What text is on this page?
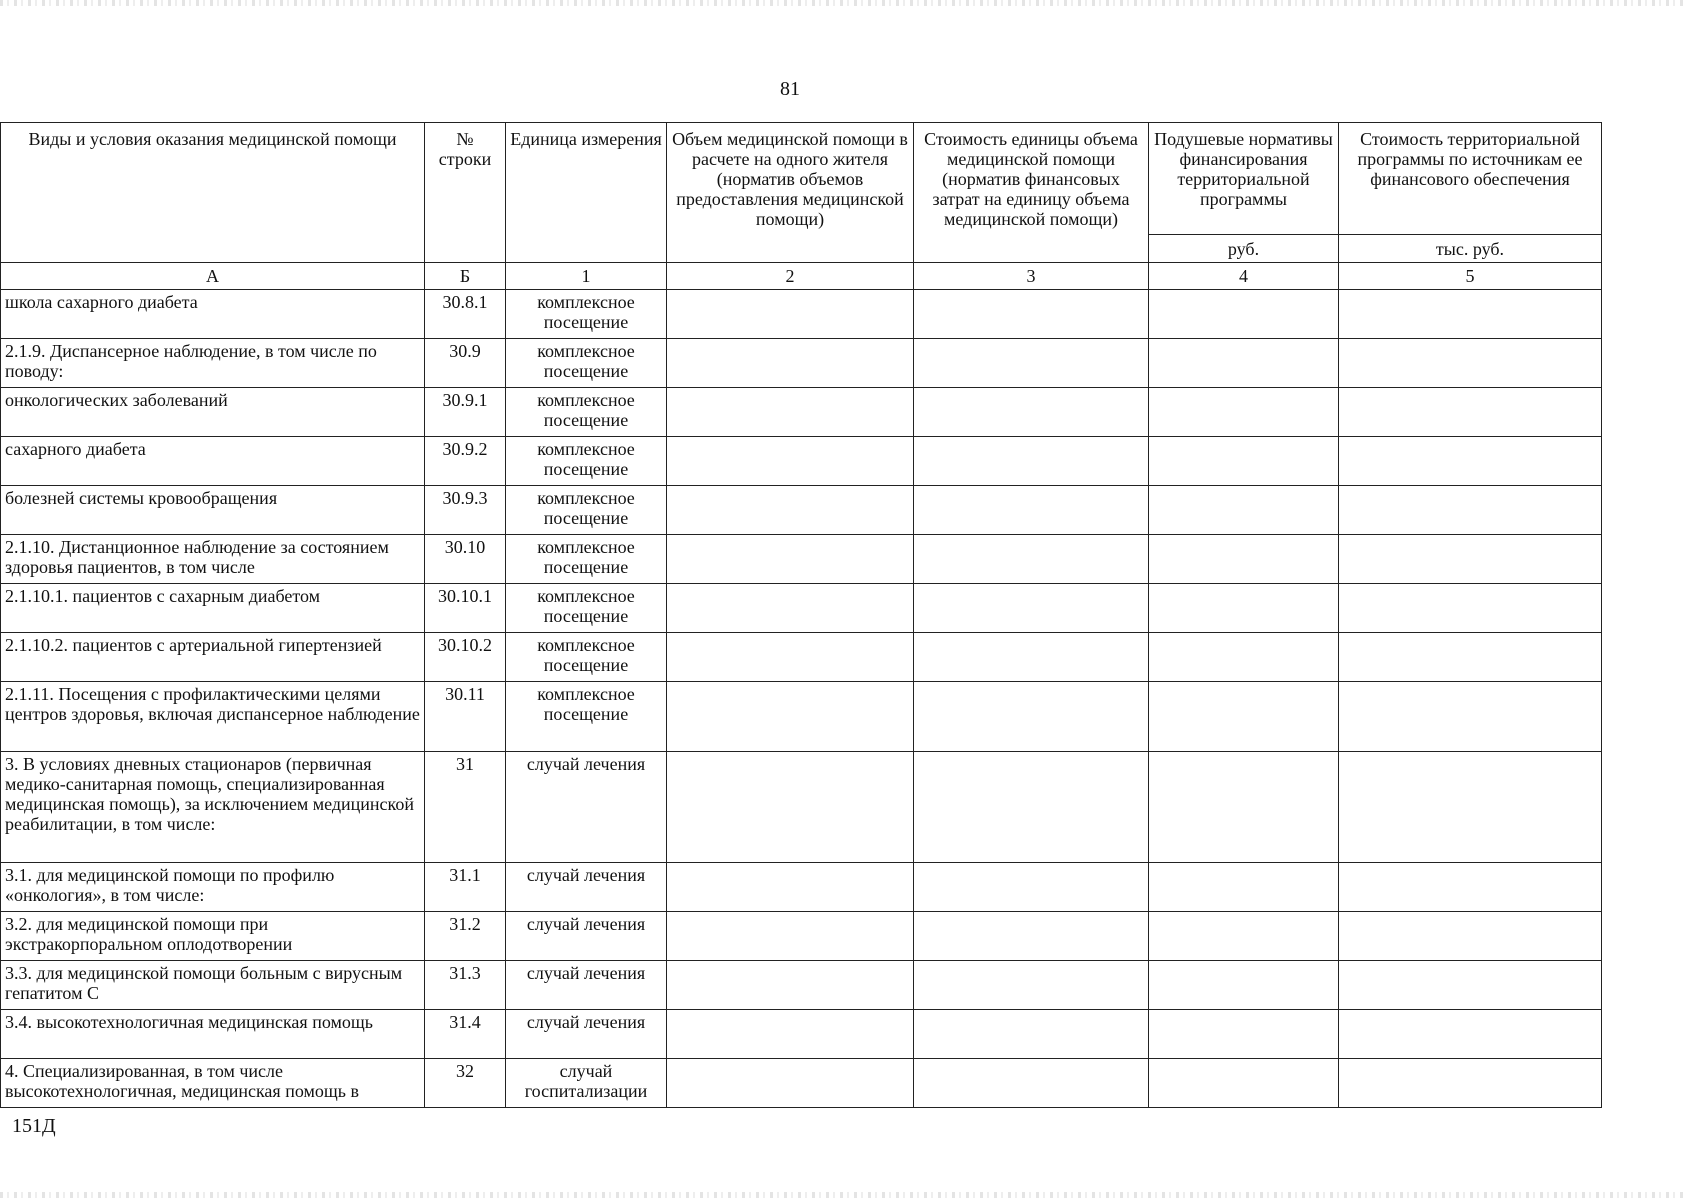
81
Виды и условия оказания медицинской помощи	№ строки	Единица измерения	Объем медицинской помощи в расчете на одного жителя (норматив объемов предоставления медицинской помощи)	Стоимость единицы объема медицинской помощи (норматив финансовых затрат на единицу объема медицинской помощи)	Подушевые нормативы финансирования территориальной программы	Стоимость территориальной программы по источникам ее финансового обеспечения
					руб.	тыс. руб.
А	Б	1	2	3	4	5
школа сахарного диабета	30.8.1	комплексное посещение				
2.1.9. Диспансерное наблюдение, в том числе по поводу:	30.9	комплексное посещение				
онкологических заболеваний	30.9.1	комплексное посещение				
сахарного диабета	30.9.2	комплексное посещение				
болезней системы кровообращения	30.9.3	комплексное посещение				
2.1.10. Дистанционное наблюдение за состоянием здоровья пациентов, в том числе	30.10	комплексное посещение				
2.1.10.1. пациентов с сахарным диабетом	30.10.1	комплексное посещение				
2.1.10.2. пациентов с артериальной гипертензией	30.10.2	комплексное посещение				
2.1.11. Посещения с профилактическими целями центров здоровья, включая диспансерное наблюдение	30.11	комплексное посещение				
3. В условиях дневных стационаров (первичная медико-санитарная помощь, специализированная медицинская помощь), за исключением медицинской реабилитации, в том числе:	31	случай лечения				
3.1. для медицинской помощи по профилю «онкология», в том числе:	31.1	случай лечения				
3.2. для медицинской помощи при экстракорпоральном оплодотворении	31.2	случай лечения				
3.3. для медицинской помощи больным с вирусным гепатитом С	31.3	случай лечения				
3.4. высокотехнологичная медицинская помощь	31.4	случай лечения				
4. Специализированная, в том числе высокотехнологичная, медицинская помощь в	32	случай госпитализации				
151Д
